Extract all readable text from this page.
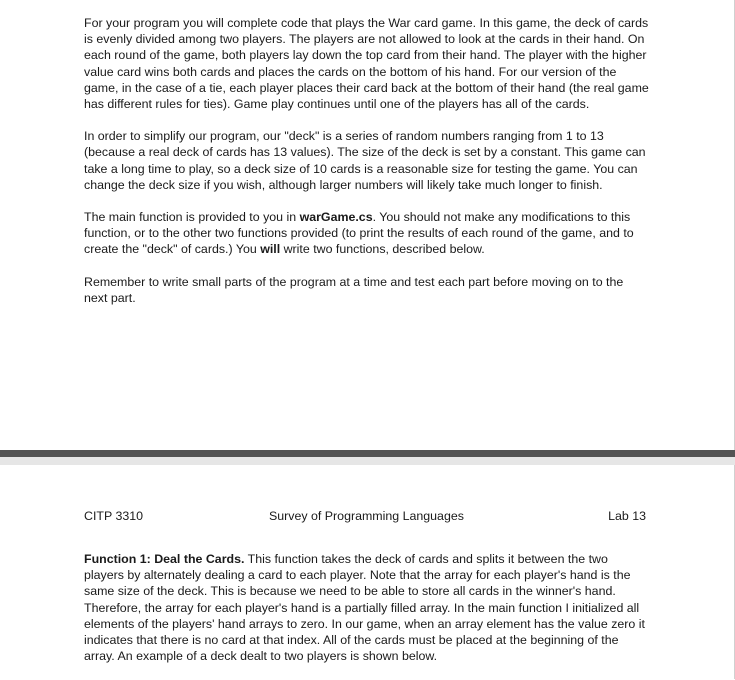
For your program you will complete code that plays the War card game. In this game, the deck of cards is evenly divided among two players. The players are not allowed to look at the cards in their hand. On each round of the game, both players lay down the top card from their hand. The player with the higher value card wins both cards and places the cards on the bottom of his hand. For our version of the game, in the case of a tie, each player places their card back at the bottom of their hand (the real game has different rules for ties). Game play continues until one of the players has all of the cards.

In order to simplify our program, our "deck" is a series of random numbers ranging from 1 to 13 (because a real deck of cards has 13 values). The size of the deck is set by a constant. This game can take a long time to play, so a deck size of 10 cards is a reasonable size for testing the game. You can change the deck size if you wish, although larger numbers will likely take much longer to finish.

The main function is provided to you in warGame.cs. You should not make any modifications to this function, or to the other two functions provided (to print the results of each round of the game, and to create the "deck" of cards.) You will write two functions, described below.

Remember to write small parts of the program at a time and test each part before moving on to the next part.

CITP 3310	Survey of Programming Languages	Lab 13

Function 1: Deal the Cards. This function takes the deck of cards and splits it between the two players by alternately dealing a card to each player. Note that the array for each player's hand is the same size of the deck. This is because we need to be able to store all cards in the winner's hand. Therefore, the array for each player's hand is a partially filled array. In the main function I initialized all elements of the players' hand arrays to zero. In our game, when an array element has the value zero it indicates that there is no card at that index. All of the cards must be placed at the beginning of the array. An example of a deck dealt to two players is shown below.
